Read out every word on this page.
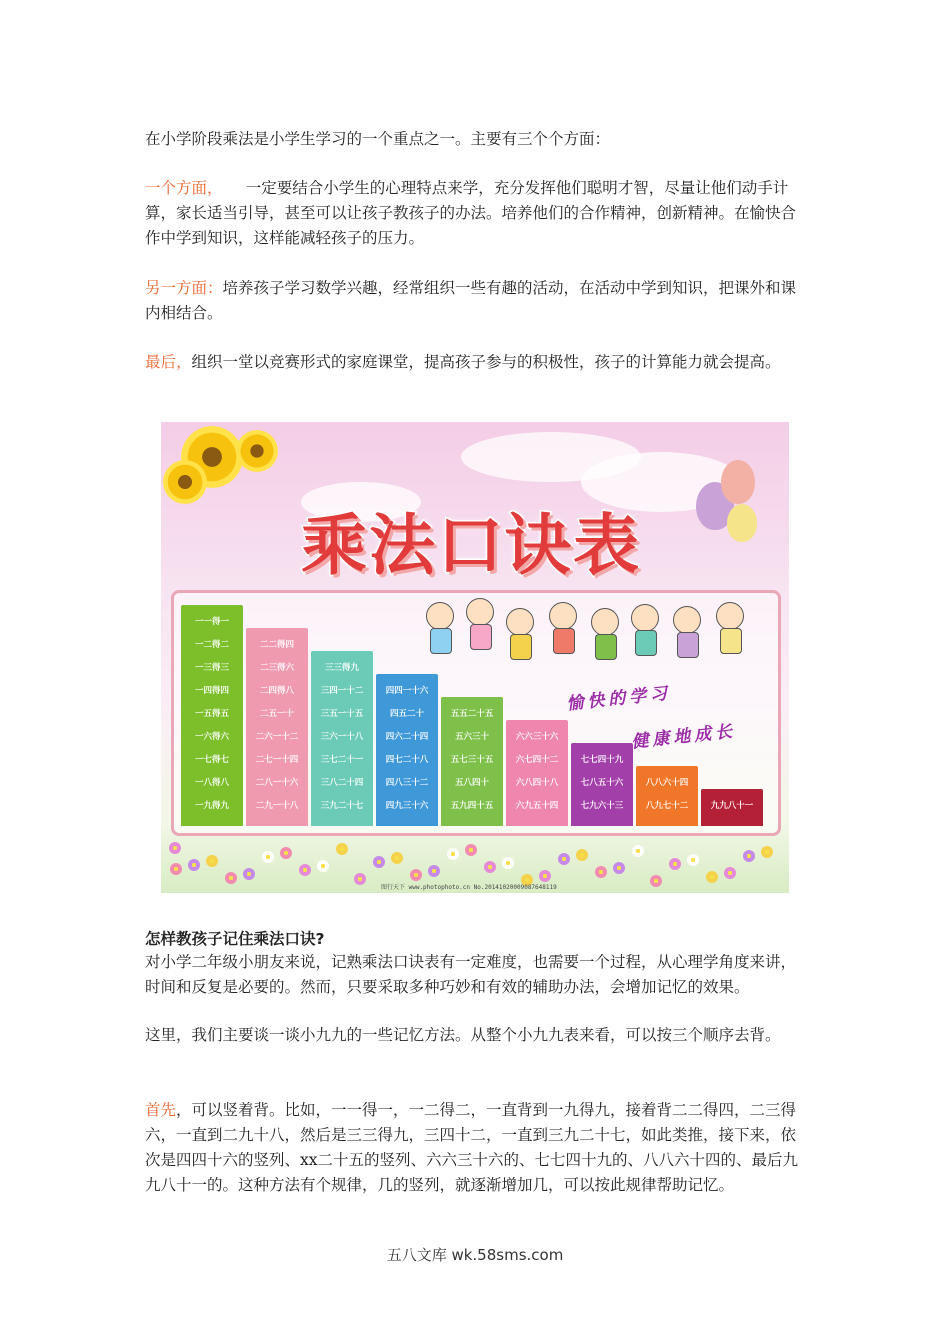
在小学阶段乘法是小学生学习的一个重点之一。主要有三个个方面：

一个方面，　　一定要结合小学生的心理特点来学，充分发挥他们聪明才智，尽量让他们动手计算，家长适当引导，甚至可以让孩子教孩子的办法。培养他们的合作精神，创新精神。在愉快合作中学到知识，这样能减轻孩子的压力。

另一方面：培养孩子学习数学兴趣，经常组织一些有趣的活动，在活动中学到知识，把课外和课内相结合。

最后，组织一堂以竞赛形式的家庭课堂，提高孩子参与的积极性，孩子的计算能力就会提高。

乘法口诀表
一一得一
一二得二
一三得三
一四得四
一五得五
一六得六
一七得七
一八得八
一九得九
二二得四
二三得六
二四得八
二五一十
二六一十二
二七一十四
二八一十六
二九一十八
三三得九
三四一十二
三五一十五
三六一十八
三七二十一
三八二十四
三九二十七
四四一十六
四五二十
四六二十四
四七二十八
四八三十二
四九三十六
五五二十五
五六三十
五七三十五
五八四十
五九四十五
六六三十六
六七四十二
六八四十八
六九五十四
七七四十九
七八五十六
七九六十三
八八六十四
八九七十二	九九八十一
愉快的学习
健康地成长
图行天下 www.photophoto.cn No.20141020009087648119

怎样教孩子记住乘法口诀?

对小学二年级小朋友来说，记熟乘法口诀表有一定难度，也需要一个过程，从心理学角度来讲，时间和反复是必要的。然而，只要采取多种巧妙和有效的辅助办法，会增加记忆的效果。

这里，我们主要谈一谈小九九的一些记忆方法。从整个小九九表来看，可以按三个顺序去背。

首先，可以竖着背。比如，一一得一，一二得二，一直背到一九得九，接着背二二得四，二三得六，一直到二九十八，然后是三三得九，三四十二，一直到三九二十七，如此类推，接下来，依次是四四十六的竖列、xx二十五的竖列、六六三十六的、七七四十九的、八八六十四的、最后九九八十一的。这种方法有个规律，几的竖列，就逐渐增加几，可以按此规律帮助记忆。

五八文库 wk.58sms.com
